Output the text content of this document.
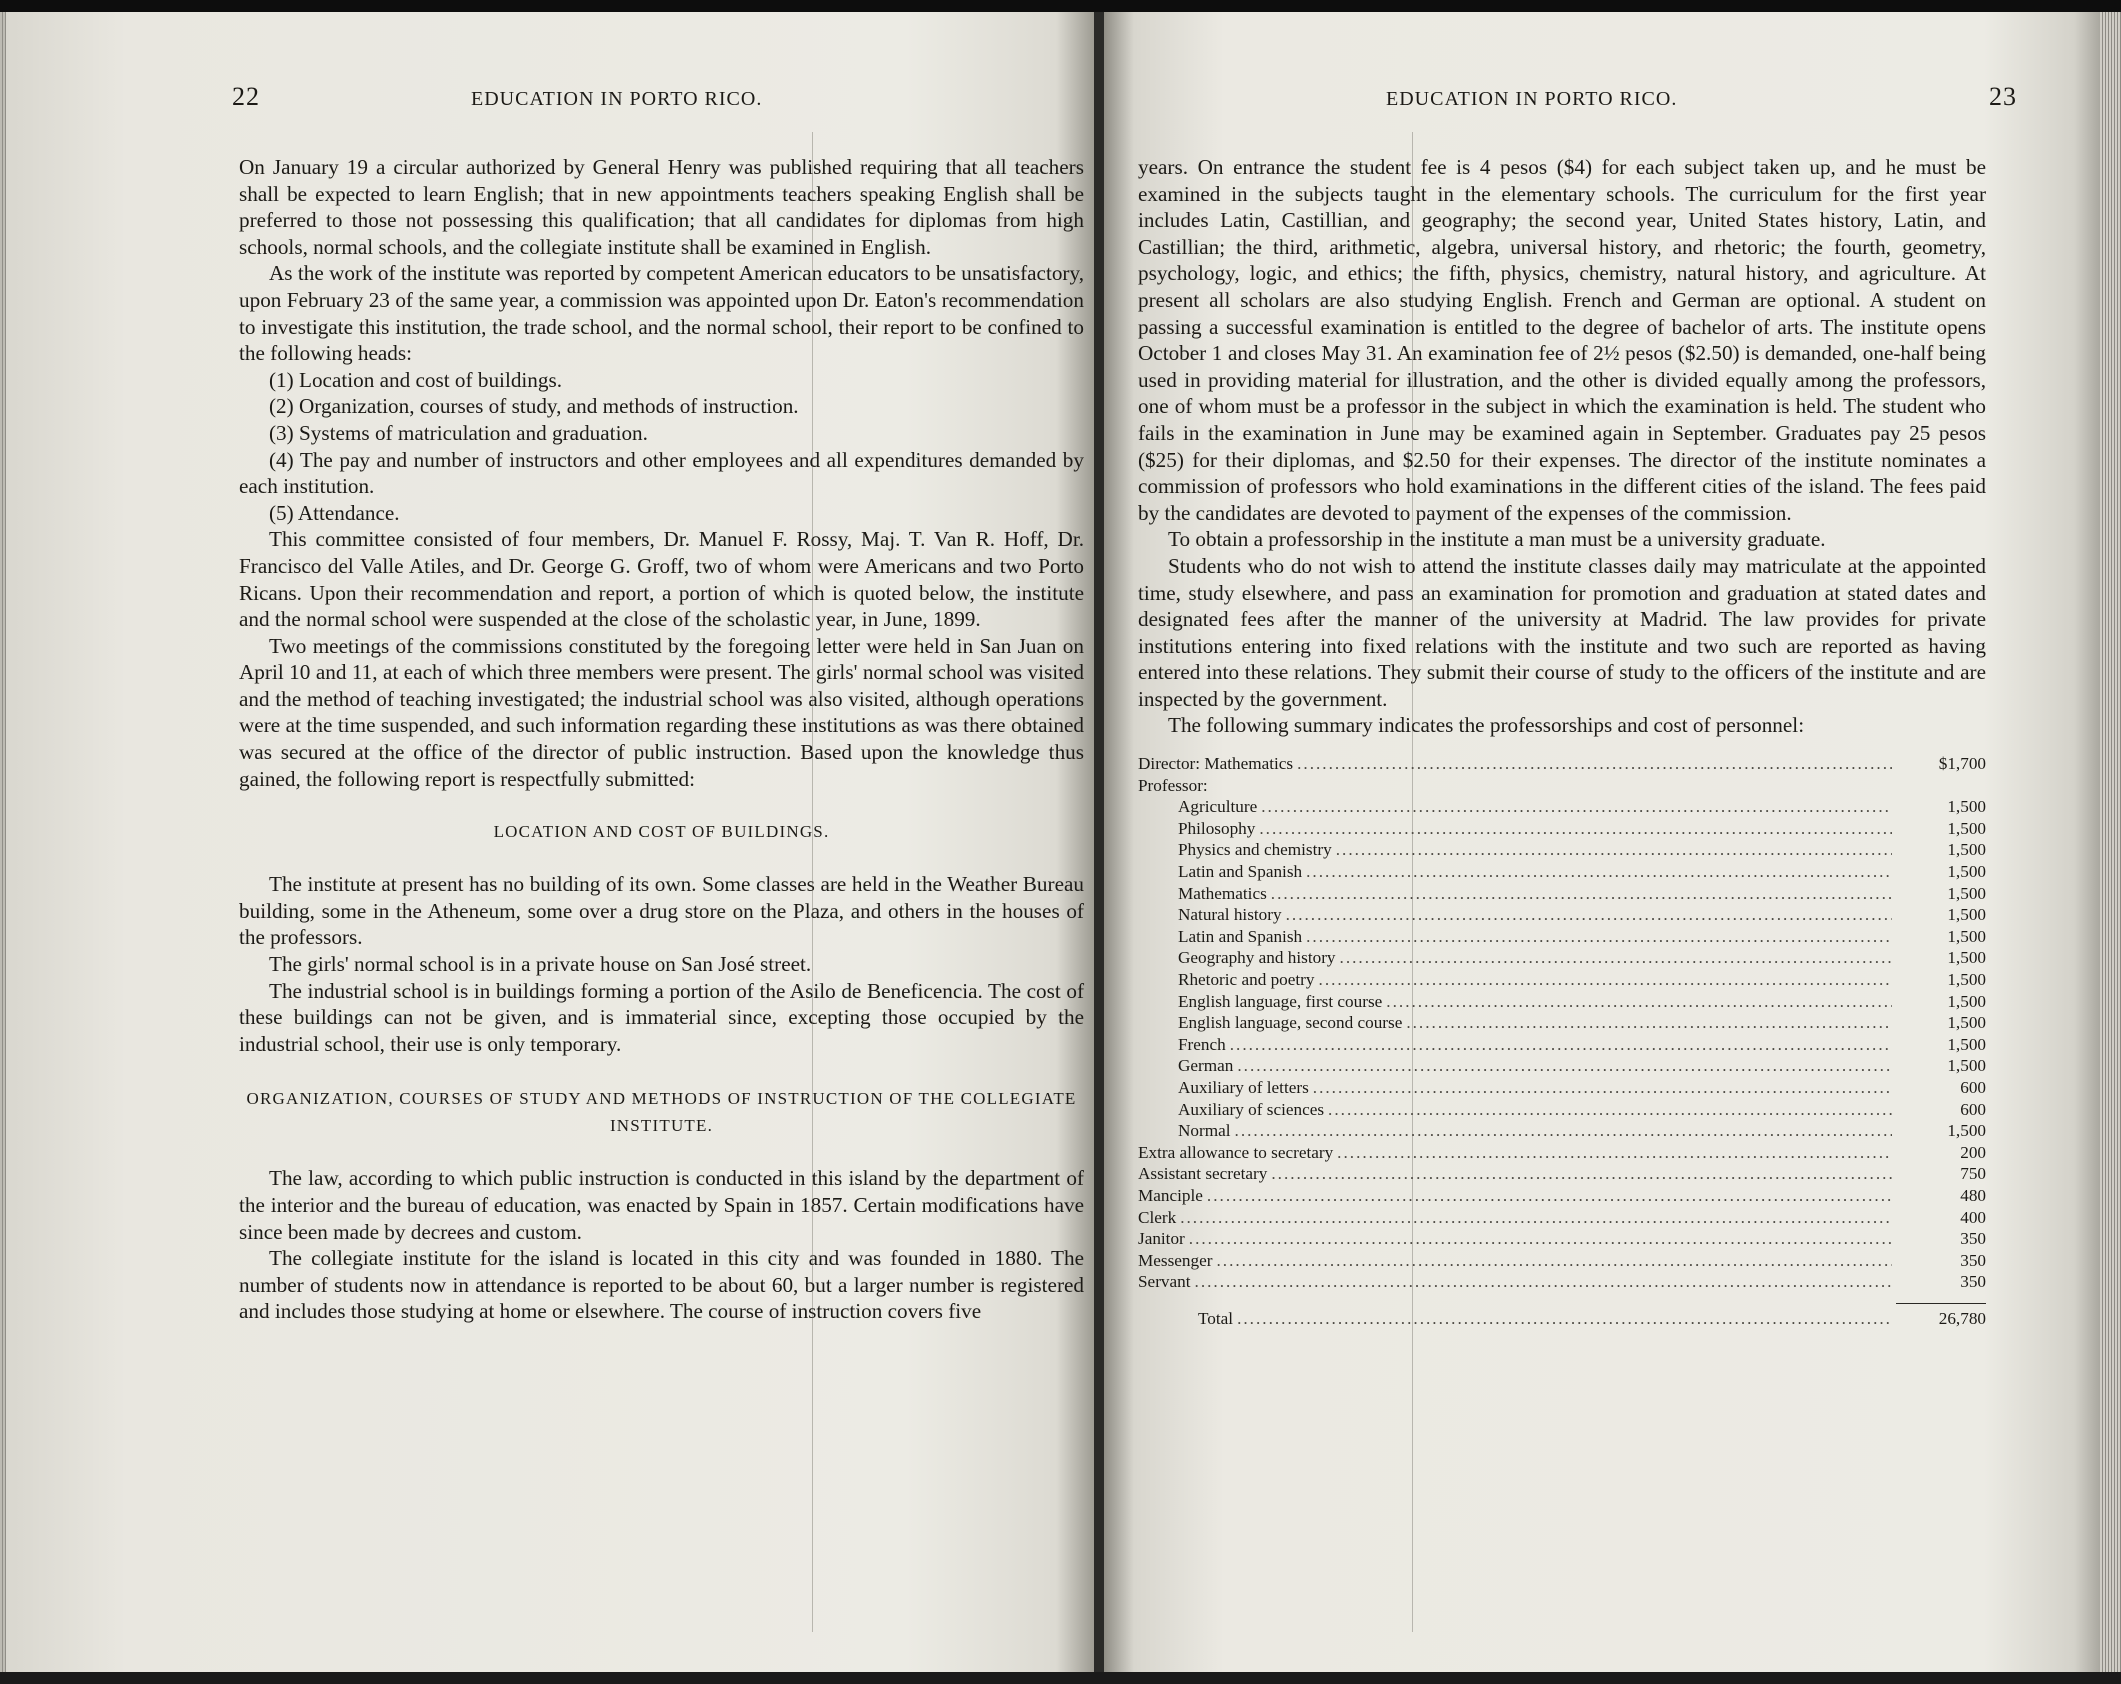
22	EDUCATION IN PORTO RICO.

On January 19 a circular authorized by General Henry was published requiring that all teachers shall be expected to learn English; that in new appointments teachers speaking English shall be preferred to those not possessing this qualification; that all candidates for diplomas from high schools, normal schools, and the collegiate institute shall be examined in English.

As the work of the institute was reported by competent American educators to be unsatisfactory, upon February 23 of the same year, a commission was appointed upon Dr. Eaton's recommendation to investigate this institution, the trade school, and the normal school, their report to be confined to the following heads:

(1) Location and cost of buildings.

(2) Organization, courses of study, and methods of instruction.

(3) Systems of matriculation and graduation.

(4) The pay and number of instructors and other employees and all expenditures demanded by each institution.

(5) Attendance.

This committee consisted of four members, Dr. Manuel F. Rossy, Maj. T. Van R. Hoff, Dr. Francisco del Valle Atiles, and Dr. George G. Groff, two of whom were Americans and two Porto Ricans. Upon their recommendation and report, a portion of which is quoted below, the institute and the normal school were suspended at the close of the scholastic year, in June, 1899.

Two meetings of the commissions constituted by the foregoing letter were held in San Juan on April 10 and 11, at each of which three members were present. The girls' normal school was visited and the method of teaching investigated; the industrial school was also visited, although operations were at the time suspended, and such information regarding these institutions as was there obtained was secured at the office of the director of public instruction. Based upon the knowledge thus gained, the following report is respectfully submitted:

LOCATION AND COST OF BUILDINGS.

The institute at present has no building of its own. Some classes are held in the Weather Bureau building, some in the Atheneum, some over a drug store on the Plaza, and others in the houses of the professors.

The girls' normal school is in a private house on San José street.

The industrial school is in buildings forming a portion of the Asilo de Beneficencia. The cost of these buildings can not be given, and is immaterial since, excepting those occupied by the industrial school, their use is only temporary.

ORGANIZATION, COURSES OF STUDY AND METHODS OF INSTRUCTION OF THE COLLEGIATE INSTITUTE.

The law, according to which public instruction is conducted in this island by the department of the interior and the bureau of education, was enacted by Spain in 1857. Certain modifications have since been made by decrees and custom.

The collegiate institute for the island is located in this city and was founded in 1880. The number of students now in attendance is reported to be about 60, but a larger number is registered and includes those studying at home or elsewhere. The course of instruction covers five

EDUCATION IN PORTO RICO.	23

years. On entrance the student fee is 4 pesos ($4) for each subject taken up, and he must be examined in the subjects taught in the elementary schools. The curriculum for the first year includes Latin, Castillian, and geography; the second year, United States history, Latin, and Castillian; the third, arithmetic, algebra, universal history, and rhetoric; the fourth, geometry, psychology, logic, and ethics; the fifth, physics, chemistry, natural history, and agriculture. At present all scholars are also studying English. French and German are optional. A student on passing a successful examination is entitled to the degree of bachelor of arts. The institute opens October 1 and closes May 31. An examination fee of 2½ pesos ($2.50) is demanded, one-half being used in providing material for illustration, and the other is divided equally among the professors, one of whom must be a professor in the subject in which the examination is held. The student who fails in the examination in June may be examined again in September. Graduates pay 25 pesos ($25) for their diplomas, and $2.50 for their expenses. The director of the institute nominates a commission of professors who hold examinations in the different cities of the island. The fees paid by the candidates are devoted to payment of the expenses of the commission.

To obtain a professorship in the institute a man must be a university graduate.

Students who do not wish to attend the institute classes daily may matriculate at the appointed time, study elsewhere, and pass an examination for promotion and graduation at stated dates and designated fees after the manner of the university at Madrid. The law provides for private institutions entering into fixed relations with the institute and two such are reported as having entered into these relations. They submit their course of study to the officers of the institute and are inspected by the government.

The following summary indicates the professorships and cost of personnel:

Director: Mathematics .....	$1,700
Professor:
Agriculture .....	1,500
Philosophy .....	1,500
Physics and chemistry .....	1,500
Latin and Spanish .....	1,500
Mathematics .....	1,500
Natural history .....	1,500
Latin and Spanish .....	1,500
Geography and history .....	1,500
Rhetoric and poetry .....	1,500
English language, first course .....	1,500
English language, second course .....	1,500
French .....	1,500
German .....	1,500
Auxiliary of letters .....	600
Auxiliary of sciences .....	600
Normal .....	1,500
Extra allowance to secretary .....	200
Assistant secretary .....	750
Manciple .....	480
Clerk .....	400
Janitor .....	350
Messenger .....	350
Servant .....	350
Total .....	26,780
